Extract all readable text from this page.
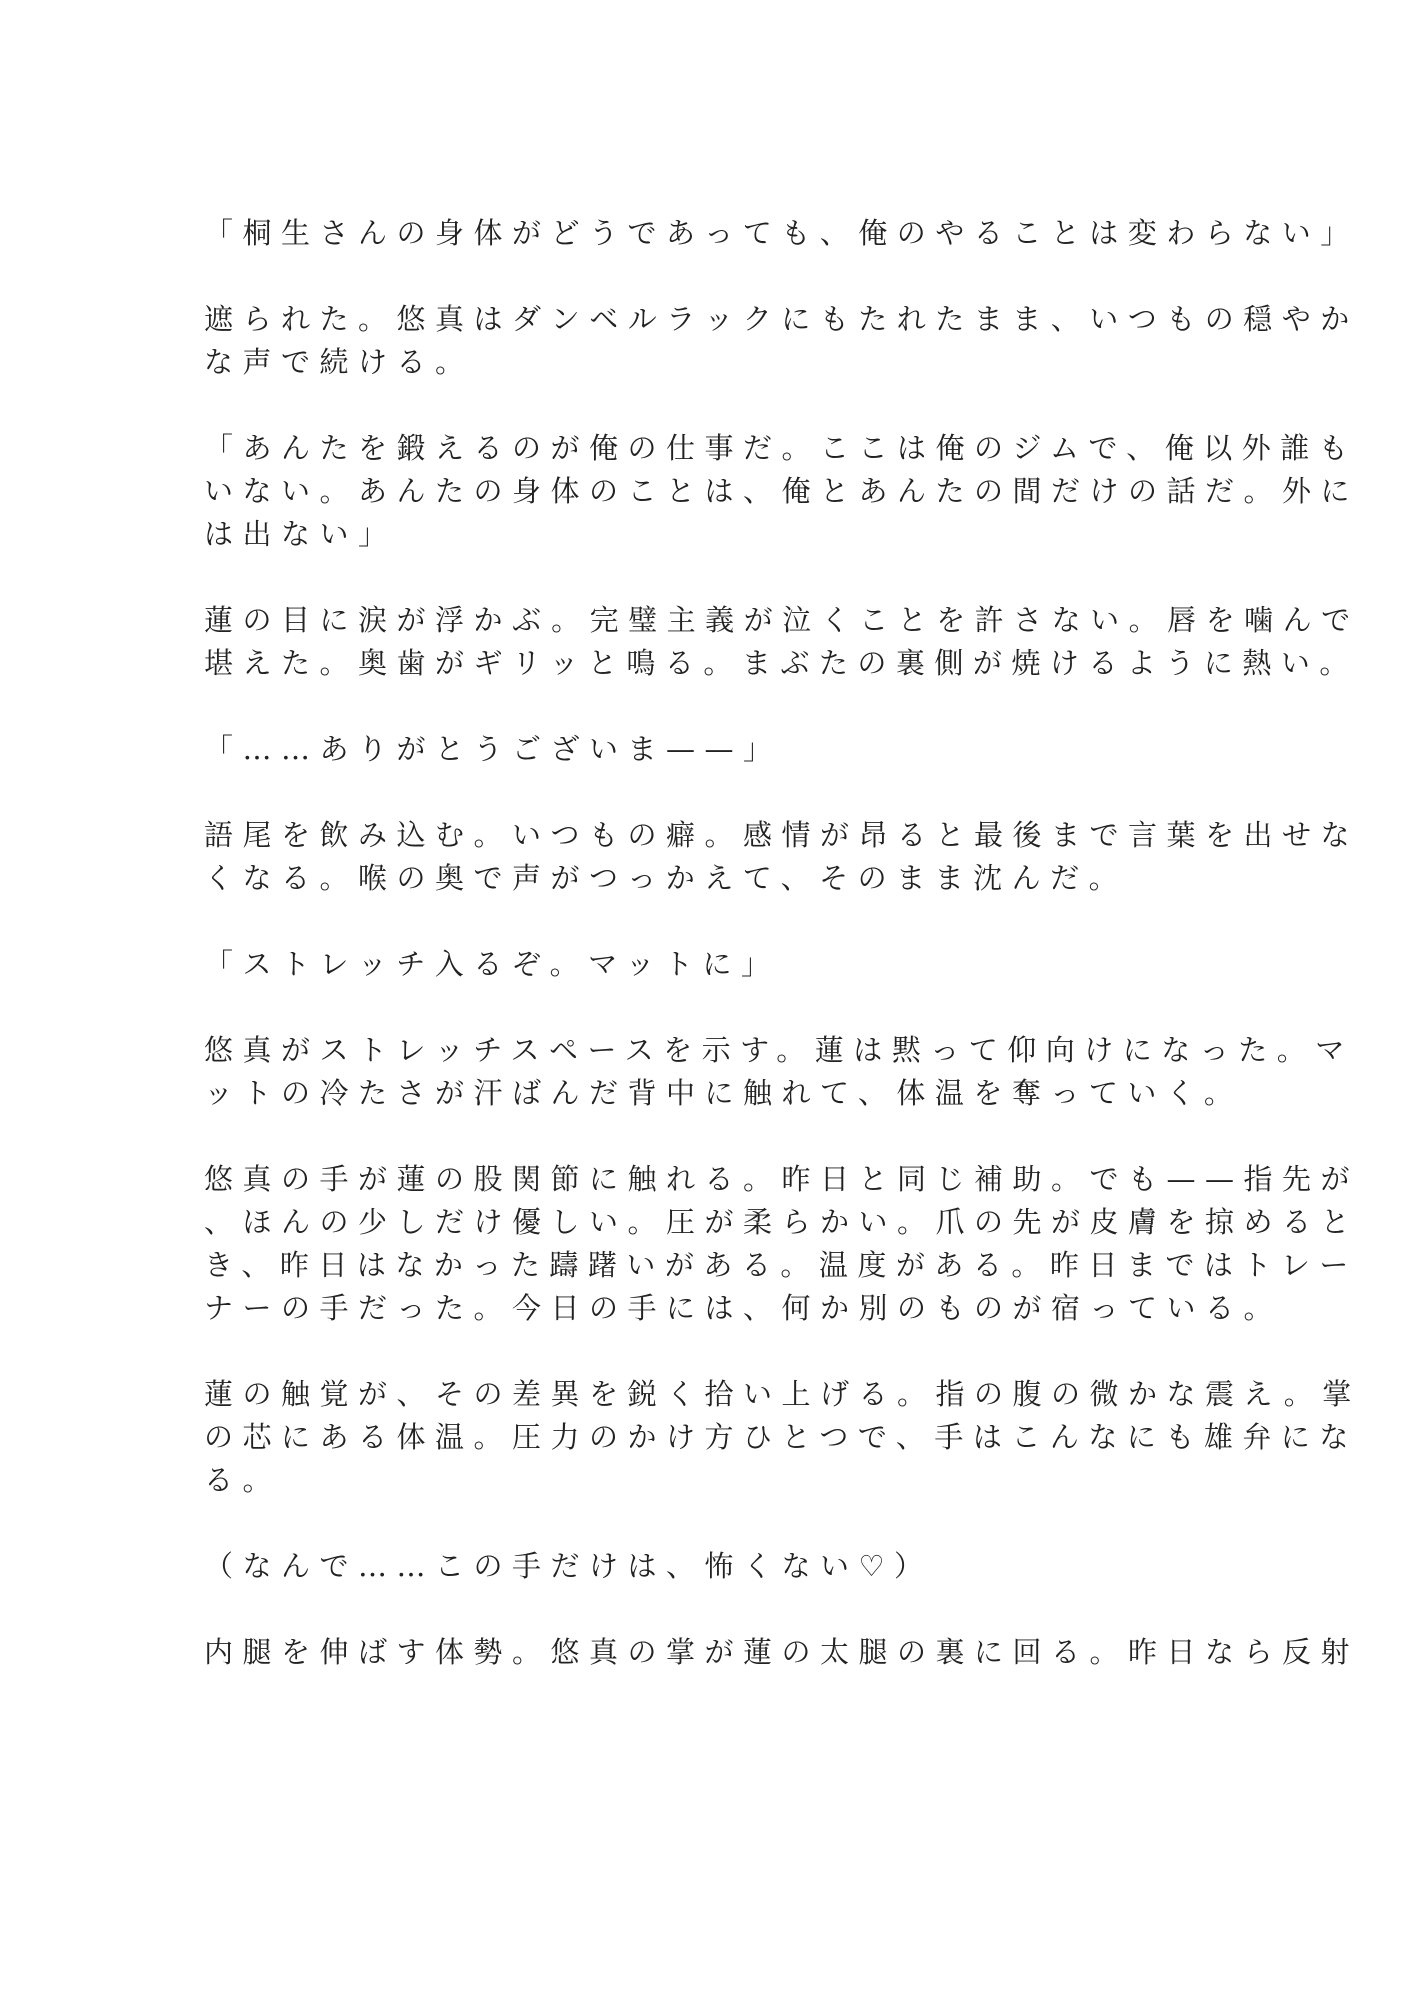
「桐生さんの身体がどうであっても、俺のやることは変わらない」
遮られた。悠真はダンベルラックにもたれたまま、いつもの穏やか
な声で続ける。
「あんたを鍛えるのが俺の仕事だ。ここは俺のジムで、俺以外誰も
いない。あんたの身体のことは、俺とあんたの間だけの話だ。外に
は出ない」
蓮の目に涙が浮かぶ。完璧主義が泣くことを許さない。唇を噛んで
堪えた。奥歯がギリッと鳴る。まぶたの裏側が焼けるように熱い。
「……ありがとうございま——」
語尾を飲み込む。いつもの癖。感情が昂ると最後まで言葉を出せな
くなる。喉の奥で声がつっかえて、そのまま沈んだ。
「ストレッチ入るぞ。マットに」
悠真がストレッチスペースを示す。蓮は黙って仰向けになった。マ
ットの冷たさが汗ばんだ背中に触れて、体温を奪っていく。
悠真の手が蓮の股関節に触れる。昨日と同じ補助。でも——指先が
、ほんの少しだけ優しい。圧が柔らかい。爪の先が皮膚を掠めると
き、昨日はなかった躊躇いがある。温度がある。昨日まではトレー
ナーの手だった。今日の手には、何か別のものが宿っている。
蓮の触覚が、その差異を鋭く拾い上げる。指の腹の微かな震え。掌
の芯にある体温。圧力のかけ方ひとつで、手はこんなにも雄弁にな
る。
（なんで……この手だけは、怖くない♡）
内腿を伸ばす体勢。悠真の掌が蓮の太腿の裏に回る。昨日なら反射
